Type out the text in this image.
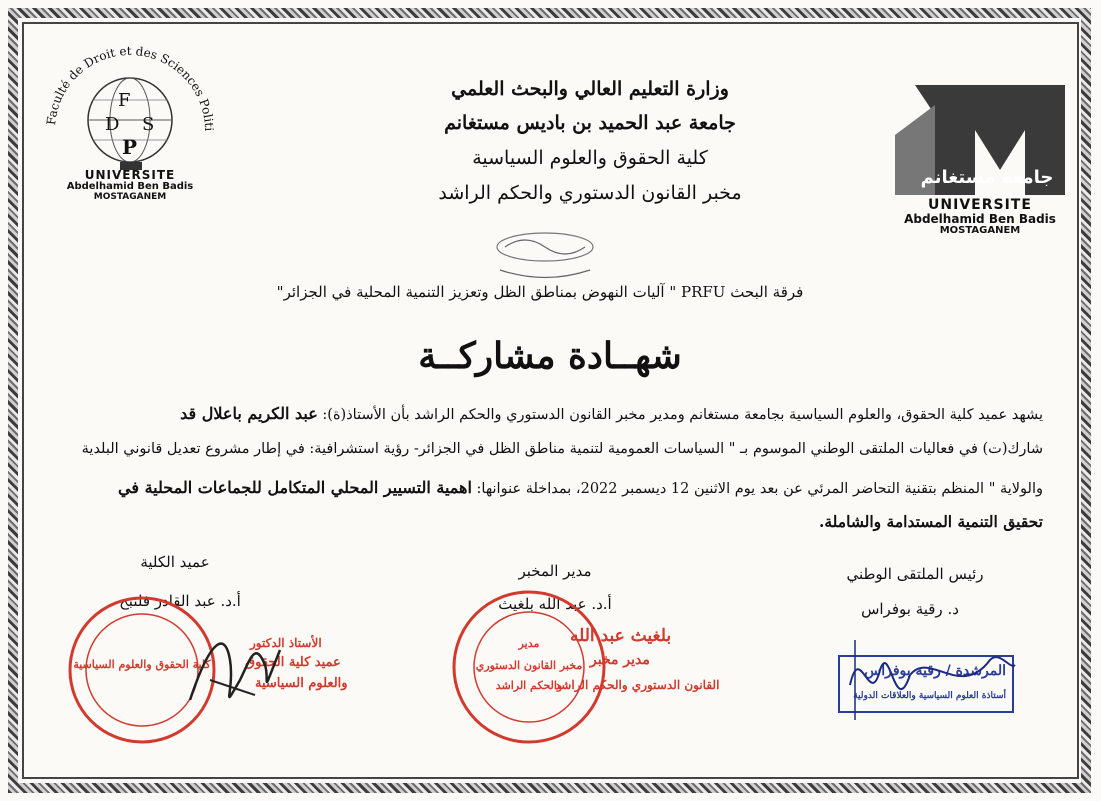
Faculté de Droit et des Sciences Politi
F
D S
P
UNIVERSITE
Abdelhamid Ben Badis
MOSTAGANEM
وزارة التعليم العالي والبحث العلمي
جامعة عبد الحميد بن باديس مستغانم
كلية الحقوق والعلوم السياسية
مخبر القانون الدستوري والحكم الراشد
جامعة مستغانم
UNIVERSITE
Abdelhamid Ben Badis
MOSTAGANEM
فرقة البحث PRFU " آليات النهوض بمناطق الظل وتعزيز التنمية المحلية في الجزائر"
شهــادة مشاركــة
يشهد عميد كلية الحقوق، والعلوم السياسية بجامعة مستغانم ومدير مخبر القانون الدستوري والحكم الراشد بأن الأستاذ(ة): عبد الكريم باعلال قد
شارك(ت) في فعاليات الملتقى الوطني الموسوم بـ " السياسات العمومية لتنمية مناطق الظل في الجزائر- رؤية استشرافية: في إطار مشروع تعديل قانوني البلدية
والولاية " المنظم بتقنية التحاضر المرئي عن بعد يوم الاثنين 12 ديسمبر 2022، بمداخلة عنوانها: اهمية التسيير المحلي المتكامل للجماعات المحلية في
تحقيق التنمية المستدامة والشاملة.
عميد الكلية
أ.د. عبد القادر فلنبح
مدير المخبر
أ.د. عبد الله بلغيث
رئيس الملتقى الوطني
د. رقية بوفراس
كلية الحقوق والعلوم السياسية
الأستاذ الدكتور
عميد كلية الحقوق
والعلوم السياسية
مدير
مخبر القانون الدستوري
والحكم الراشد
بلغيث عبد الله
مدير مخبر
القانون الدستوري والحكم الراشد
المرشدة / رقية بوفراس
أستاذة العلوم السياسية والعلاقات الدولية
